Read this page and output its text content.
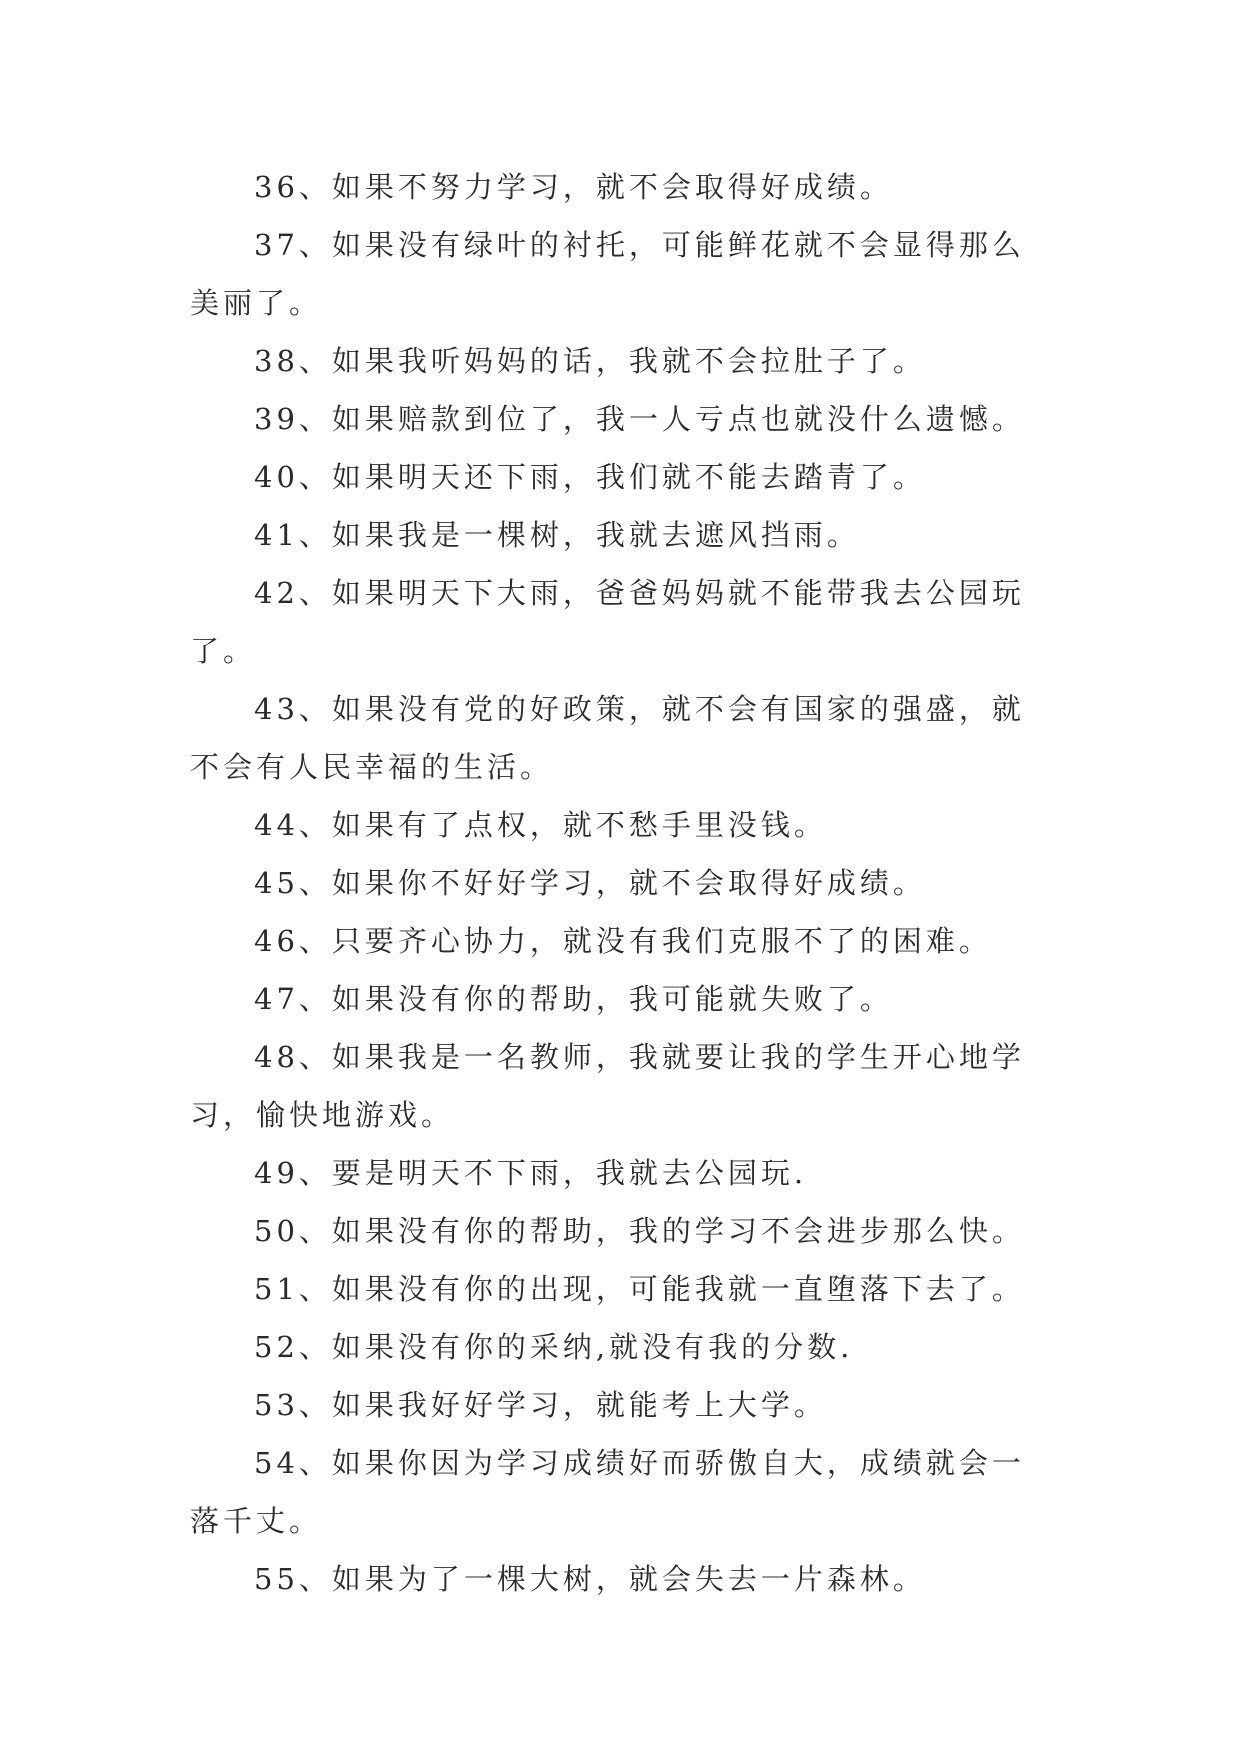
36、如果不努力学习，就不会取得好成绩。

37、如果没有绿叶的衬托，可能鲜花就不会显得那么美丽了。

38、如果我听妈妈的话，我就不会拉肚子了。

39、如果赔款到位了，我一人亏点也就没什么遗憾。

40、如果明天还下雨，我们就不能去踏青了。

41、如果我是一棵树，我就去遮风挡雨。

42、如果明天下大雨，爸爸妈妈就不能带我去公园玩了。

43、如果没有党的好政策，就不会有国家的强盛，就不会有人民幸福的生活。

44、如果有了点权，就不愁手里没钱。

45、如果你不好好学习，就不会取得好成绩。

46、只要齐心协力，就没有我们克服不了的困难。

47、如果没有你的帮助，我可能就失败了。

48、如果我是一名教师，我就要让我的学生开心地学习，愉快地游戏。

49、要是明天不下雨，我就去公园玩.

50、如果没有你的帮助，我的学习不会进步那么快。

51、如果没有你的出现，可能我就一直堕落下去了。

52、如果没有你的采纳,就没有我的分数.

53、如果我好好学习，就能考上大学。

54、如果你因为学习成绩好而骄傲自大，成绩就会一落千丈。

55、如果为了一棵大树，就会失去一片森林。
